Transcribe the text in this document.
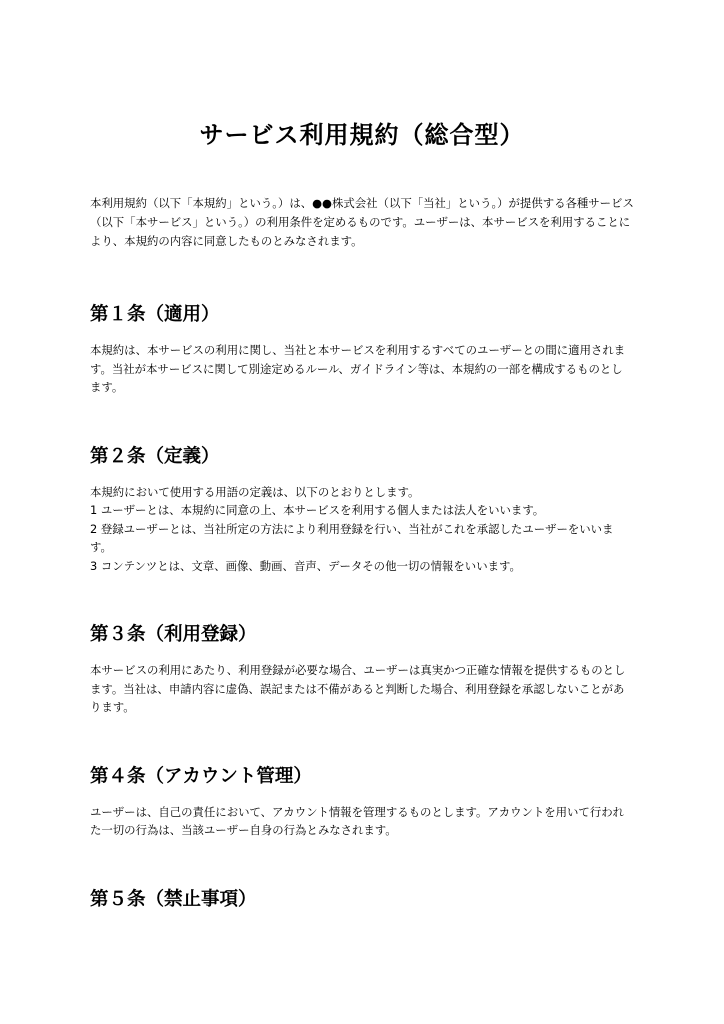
サービス利用規約（総合型）

本利用規約（以下「本規約」という。）は、●●株式会社（以下「当社」という。）が提供する各種サービス（以下「本サービス」という。）の利用条件を定めるものです。ユーザーは、本サービスを利用することにより、本規約の内容に同意したものとみなされます。

第１条（適用）

本規約は、本サービスの利用に関し、当社と本サービスを利用するすべてのユーザーとの間に適用されます。当社が本サービスに関して別途定めるルール、ガイドライン等は、本規約の一部を構成するものとします。

第２条（定義）

本規約において使用する用語の定義は、以下のとおりとします。

1 ユーザーとは、本規約に同意の上、本サービスを利用する個人または法人をいいます。

2 登録ユーザーとは、当社所定の方法により利用登録を行い、当社がこれを承認したユーザーをいいます。

3 コンテンツとは、文章、画像、動画、音声、データその他一切の情報をいいます。

第３条（利用登録）

本サービスの利用にあたり、利用登録が必要な場合、ユーザーは真実かつ正確な情報を提供するものとします。当社は、申請内容に虚偽、誤記または不備があると判断した場合、利用登録を承認しないことがあります。

第４条（アカウント管理）

ユーザーは、自己の責任において、アカウント情報を管理するものとします。アカウントを用いて行われた一切の行為は、当該ユーザー自身の行為とみなされます。

第５条（禁止事項）
